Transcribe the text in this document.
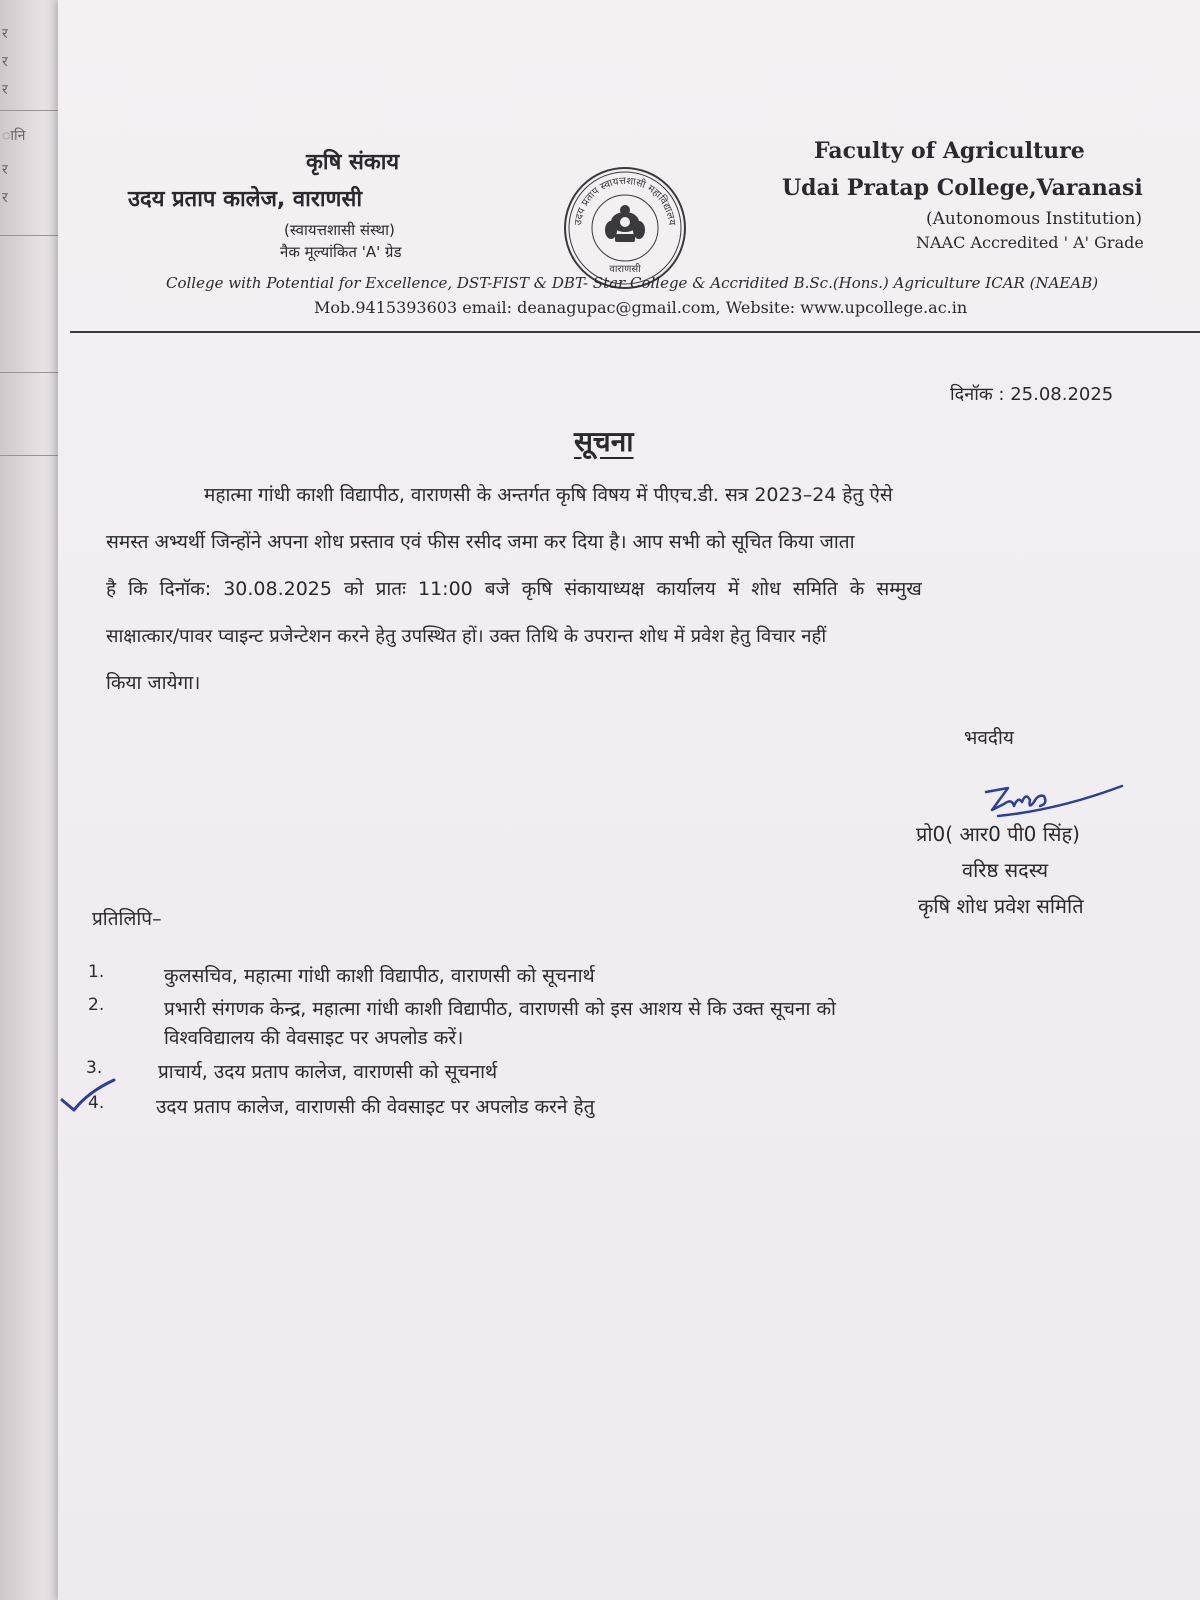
र
र
र
ानि
र
र
कृषि संकाय
उदय प्रताप कालेज, वाराणसी
(स्वायत्तशासी संस्था)
नैक मूल्यांकित 'A' ग्रेड
उदय प्रताप स्वायत्तशासी महाविद्यालय
वाराणसी
Faculty of Agriculture
Udai Pratap College,Varanasi
(Autonomous Institution)
NAAC Accredited ' A' Grade
College with Potential for Excellence, DST-FIST & DBT- Star College & Accridited B.Sc.(Hons.) Agriculture ICAR (NAEAB)
Mob.9415393603 email: deanagupac@gmail.com, Website: www.upcollege.ac.in
दिनॉक : 25.08.2025
सूचना
महात्मा गांधी काशी विद्यापीठ, वाराणसी के अन्तर्गत कृषि विषय में पीएच.डी. सत्र 2023–24 हेतु ऐसे
समस्त अभ्यर्थी जिन्होंने अपना शोध प्रस्ताव एवं फीस रसीद जमा कर दिया है। आप सभी को सूचित किया जाता
है कि दिनॉक: 30.08.2025 को प्रातः 11:00 बजे कृषि संकायाध्यक्ष कार्यालय में शोध समिति के सम्मुख
साक्षात्कार/पावर प्वाइन्ट प्रजेन्टेशन करने हेतु उपस्थित हों। उक्त तिथि के उपरान्त शोध में प्रवेश हेतु विचार नहीं
किया जायेगा।
भवदीय
प्रो0( आर0 पी0 सिंह)
वरिष्ठ सदस्य
कृषि शोध प्रवेश समिति
प्रतिलिपि–
1.	कुलसचिव, महात्मा गांधी काशी विद्यापीठ, वाराणसी को सूचनार्थ
2.	प्रभारी संगणक केन्द्र, महात्मा गांधी काशी विद्यापीठ, वाराणसी को इस आशय से कि उक्त सूचना को
विश्वविद्यालय की वेवसाइट पर अपलोड करें।
3.	प्राचार्य, उदय प्रताप कालेज, वाराणसी को सूचनार्थ
4.	उदय प्रताप कालेज, वाराणसी की वेवसाइट पर अपलोड करने हेतु
